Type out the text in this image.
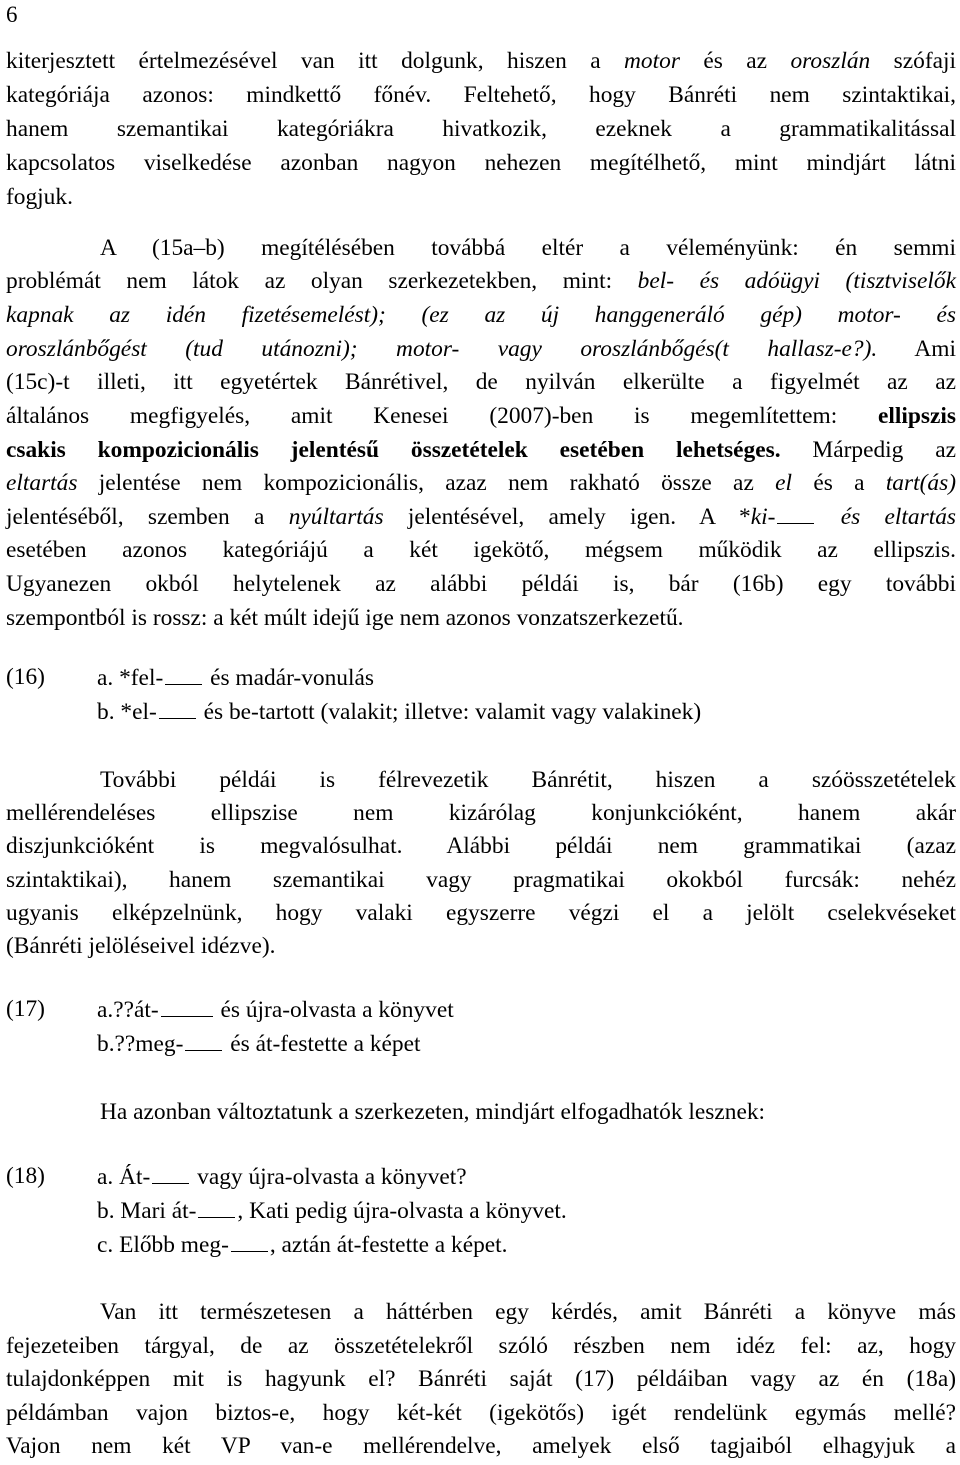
6
kiterjesztett értelmezésével van itt dolgunk, hiszen a motor és az oroszlán szófaji
kategóriája azonos: mindkettő főnév. Feltehető, hogy Bánréti nem szintaktikai,
hanem szemantikai kategóriákra hivatkozik, ezeknek a grammatikalitással
kapcsolatos viselkedése azonban nagyon nehezen megítélhető, mint mindjárt látni
fogjuk.
A (15a–b) megítélésében továbbá eltér a véleményünk: én semmi
problémát nem látok az olyan szerkezetekben, mint: bel- és adóügyi (tisztviselők
kapnak az idén fizetésemelést); (ez az új hanggeneráló gép) motor- és
oroszlánbőgést (tud utánozni); motor- vagy oroszlánbőgés(t hallasz-e?). Ami
(15c)-t illeti, itt egyetértek Bánrétivel, de nyilván elkerülte a figyelmét az az
általános megfigyelés, amit Kenesei (2007)-ben is megemlítettem: ellipszis
csakis kompozicionális jelentésű összetételek esetében lehetséges. Márpedig az
eltartás jelentése nem kompozicionális, azaz nem rakható össze az el és a tart(ás)
jelentéséből, szemben a nyúltartás jelentésével, amely igen. A *ki-	és eltartás
esetében azonos kategóriájú a két igekötő, mégsem működik az ellipszis.
Ugyanezen okból helytelenek az alábbi példái is, bár (16b) egy további
szempontból is rossz: a két múlt idejű ige nem azonos vonzatszerkezetű.
(16) a. *fel- és madár-vonulás
b. *el- és be-tartott (valakit; illetve: valamit vagy valakinek)
További példái is félrevezetik Bánrétit, hiszen a szóösszetételek
mellérendeléses ellipszise nem kizárólag konjunkcióként, hanem akár
diszjunkcióként is megvalósulhat. Alábbi példái nem grammatikai (azaz
szintaktikai), hanem szemantikai vagy pragmatikai okokból furcsák: nehéz
ugyanis elképzelnünk, hogy valaki egyszerre végzi el a jelölt cselekvéseket
(Bánréti jelöléseivel idézve).
(17) a.??át-	és újra-olvasta a könyvet
b.??meg- és át-festette a képet
Ha azonban változtatunk a szerkezeten, mindjárt elfogadhatók lesznek:
(18) a. Át- vagy újra-olvasta a könyvet?
b. Mari át- , Kati pedig újra-olvasta a könyvet.
c. Előbb meg- , aztán át-festette a képet.
Van itt természetesen a háttérben egy kérdés, amit Bánréti a könyve más
fejezeteiben tárgyal, de az összetételekről szóló részben nem idéz fel: az, hogy
tulajdonképpen mit is hagyunk el? Bánréti saját (17) példáiban vagy az én (18a)
példámban vajon biztos-e, hogy két-két (igekötős) igét rendelünk egymás mellé?
Vajon nem két VP van-e mellérendelve, amelyek első tagjaiból elhagyjuk a
